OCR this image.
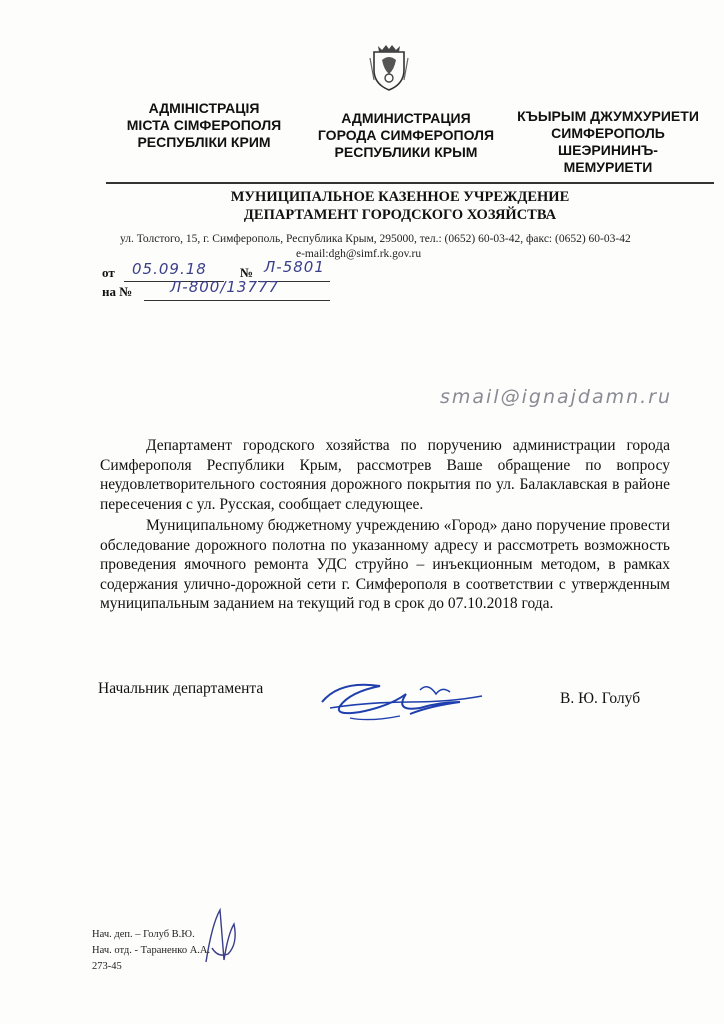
АДМІНІСТРАЦІЯ
МІСТА СІМФЕРОПОЛЯ
РЕСПУБЛІКИ КРИМ
АДМИНИСТРАЦИЯ
ГОРОДА СИМФЕРОПОЛЯ
РЕСПУБЛИКИ КРЫМ
КЪЫРЫМ ДЖУМХУРИЕТИ
СИМФЕРОПОЛЬ
ШЕЭРИНИНЪ-
МЕМУРИЕТИ
МУНИЦИПАЛЬНОЕ КАЗЕННОЕ УЧРЕЖДЕНИЕ
ДЕПАРТАМЕНТ ГОРОДСКОГО ХОЗЯЙСТВА
ул. Толстого, 15, г. Симферополь, Республика Крым, 295000, тел.: (0652) 60-03-42, факс: (0652) 60-03-42
e-mail:dgh@simf.rk.gov.ru
от 05.09.18	№ Л-5801
на №	Л-800/13777
smail@ignajdamn.ru

Департамент городского хозяйства по поручению администрации города Симферополя Республики Крым, рассмотрев Ваше обращение по вопросу неудовлетворительного состояния дорожного покрытия по ул. Балаклавская в районе пересечения с ул. Русская, сообщает следующее.

Муниципальному бюджетному учреждению «Город» дано поручение провести обследование дорожного полотна по указанному адресу и рассмотреть возможность проведения ямочного ремонта УДС струйно – инъекционным методом, в рамках содержания улично-дорожной сети г. Симферополя в соответствии с утвержденным муниципальным заданием на текущий год в срок до 07.10.2018 года.

Начальник департамента
В. Ю. Голуб
Нач. деп. – Голуб В.Ю.
Нач. отд. - Тараненко А.А.
273-45
